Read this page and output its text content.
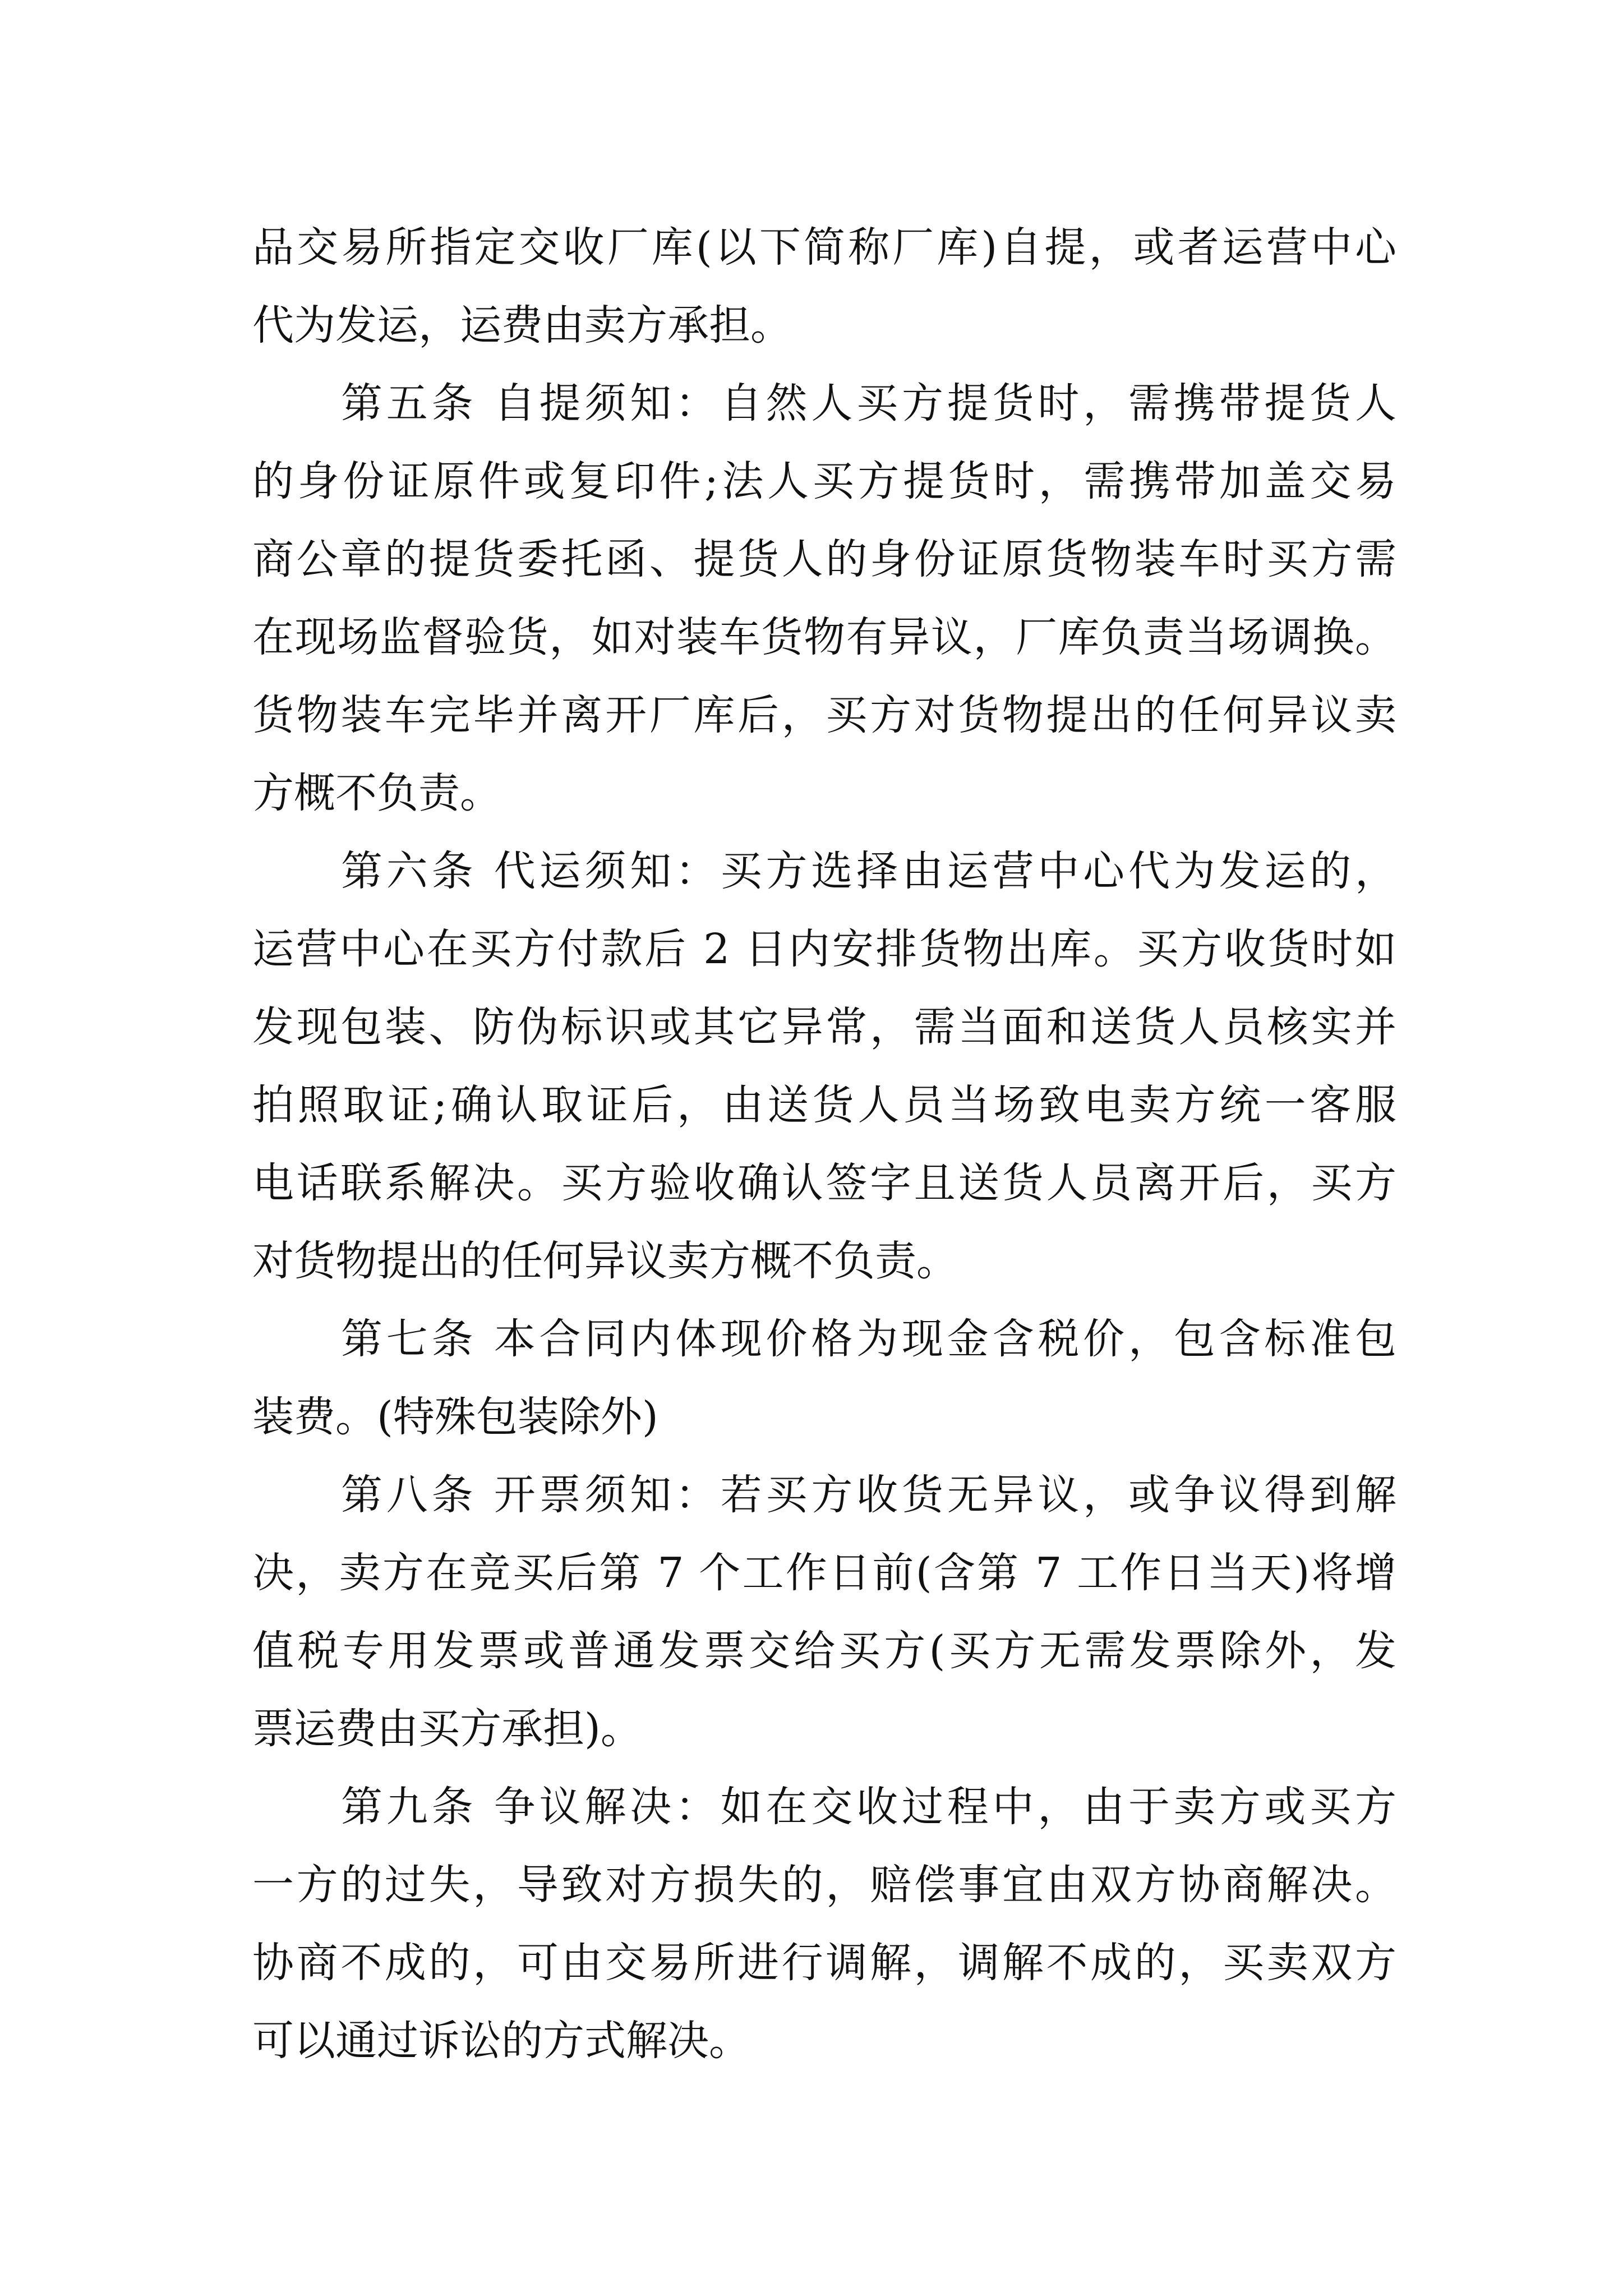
品交易所指定交收厂库(以下简称厂库)自提，或者运营中心
代为发运，运费由卖方承担。
第五条 自提须知：自然人买方提货时，需携带提货人
的身份证原件或复印件;法人买方提货时，需携带加盖交易
商公章的提货委托函、提货人的身份证原货物装车时买方需
在现场监督验货，如对装车货物有异议，厂库负责当场调换。
货物装车完毕并离开厂库后，买方对货物提出的任何异议卖
方概不负责。
第六条 代运须知：买方选择由运营中心代为发运的，
运营中心在买方付款后 2 日内安排货物出库。买方收货时如
发现包装、防伪标识或其它异常，需当面和送货人员核实并
拍照取证;确认取证后，由送货人员当场致电卖方统一客服
电话联系解决。买方验收确认签字且送货人员离开后，买方
对货物提出的任何异议卖方概不负责。
第七条 本合同内体现价格为现金含税价，包含标准包
装费。(特殊包装除外)
第八条 开票须知：若买方收货无异议，或争议得到解
决，卖方在竞买后第 7 个工作日前(含第 7 工作日当天)将增
值税专用发票或普通发票交给买方(买方无需发票除外，发
票运费由买方承担)。
第九条 争议解决：如在交收过程中，由于卖方或买方
一方的过失，导致对方损失的，赔偿事宜由双方协商解决。
协商不成的，可由交易所进行调解，调解不成的，买卖双方
可以通过诉讼的方式解决。
